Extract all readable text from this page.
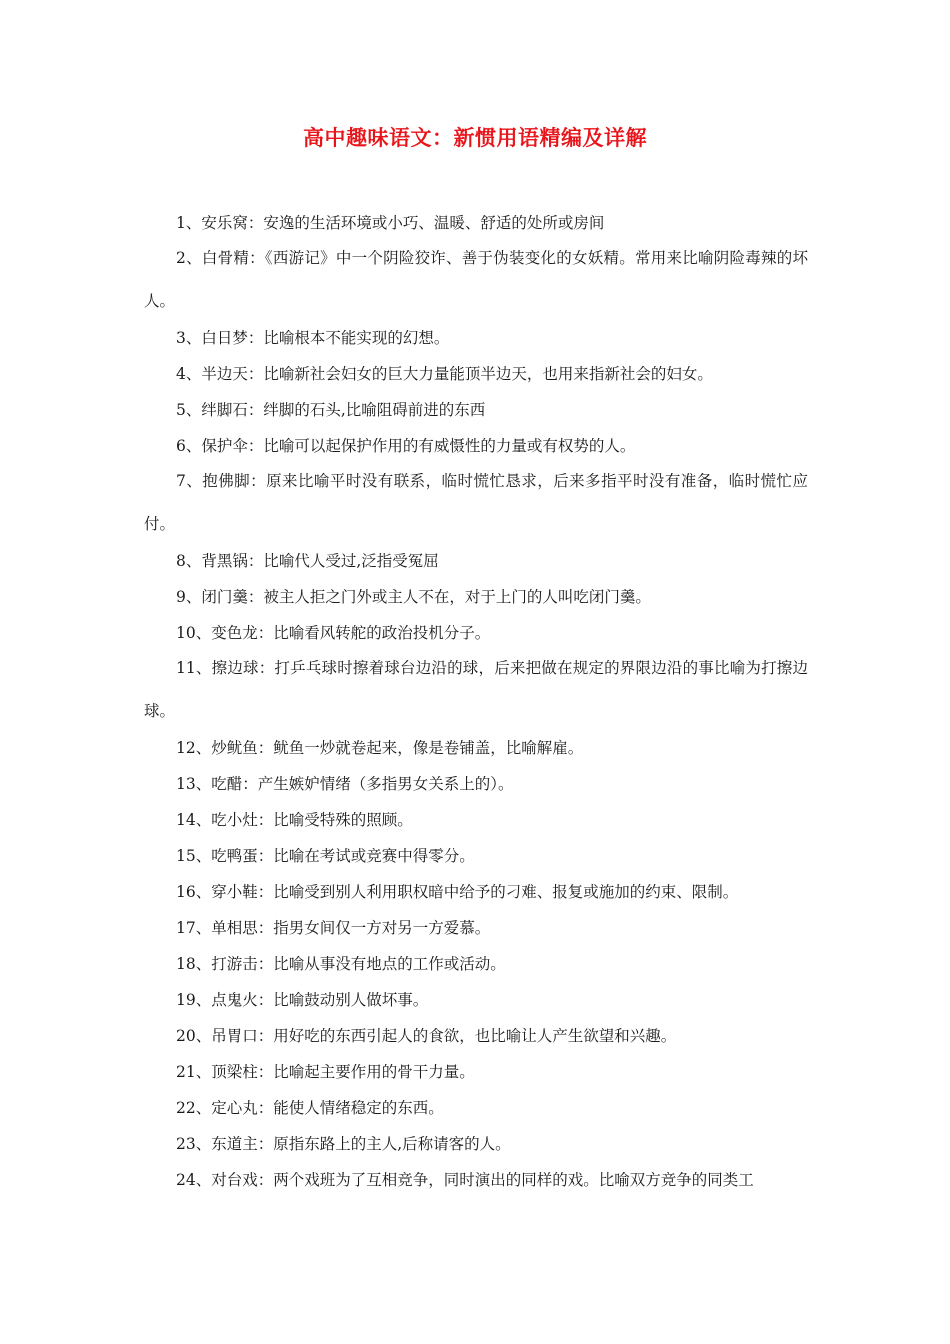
高中趣味语文：新惯用语精编及详解

1、安乐窝：安逸的生活环境或小巧、温暖、舒适的处所或房间

2、白骨精：《西游记》中一个阴险狡诈、善于伪装变化的女妖精。常用来比喻阴险毒辣的坏人。

3、白日梦：比喻根本不能实现的幻想。

4、半边天：比喻新社会妇女的巨大力量能顶半边天，也用来指新社会的妇女。

5、绊脚石：绊脚的石头,比喻阻碍前进的东西

6、保护伞：比喻可以起保护作用的有威慑性的力量或有权势的人。

7、抱佛脚：原来比喻平时没有联系，临时慌忙恳求，后来多指平时没有准备，临时慌忙应付。

8、背黑锅：比喻代人受过,泛指受冤屈

9、闭门羹：被主人拒之门外或主人不在，对于上门的人叫吃闭门羹。

10、变色龙：比喻看风转舵的政治投机分子。

11、擦边球：打乒乓球时擦着球台边沿的球，后来把做在规定的界限边沿的事比喻为打擦边球。

12、炒鱿鱼：鱿鱼一炒就卷起来，像是卷铺盖，比喻解雇。

13、吃醋：产生嫉妒情绪（多指男女关系上的）。

14、吃小灶：比喻受特殊的照顾。

15、吃鸭蛋：比喻在考试或竞赛中得零分。

16、穿小鞋：比喻受到别人利用职权暗中给予的刁难、报复或施加的约束、限制。

17、单相思：指男女间仅一方对另一方爱慕。

18、打游击：比喻从事没有地点的工作或活动。

19、点鬼火：比喻鼓动别人做坏事。

20、吊胃口：用好吃的东西引起人的食欲，也比喻让人产生欲望和兴趣。

21、顶梁柱：比喻起主要作用的骨干力量。

22、定心丸：能使人情绪稳定的东西。

23、东道主：原指东路上的主人,后称请客的人。

24、对台戏：两个戏班为了互相竞争，同时演出的同样的戏。比喻双方竞争的同类工
